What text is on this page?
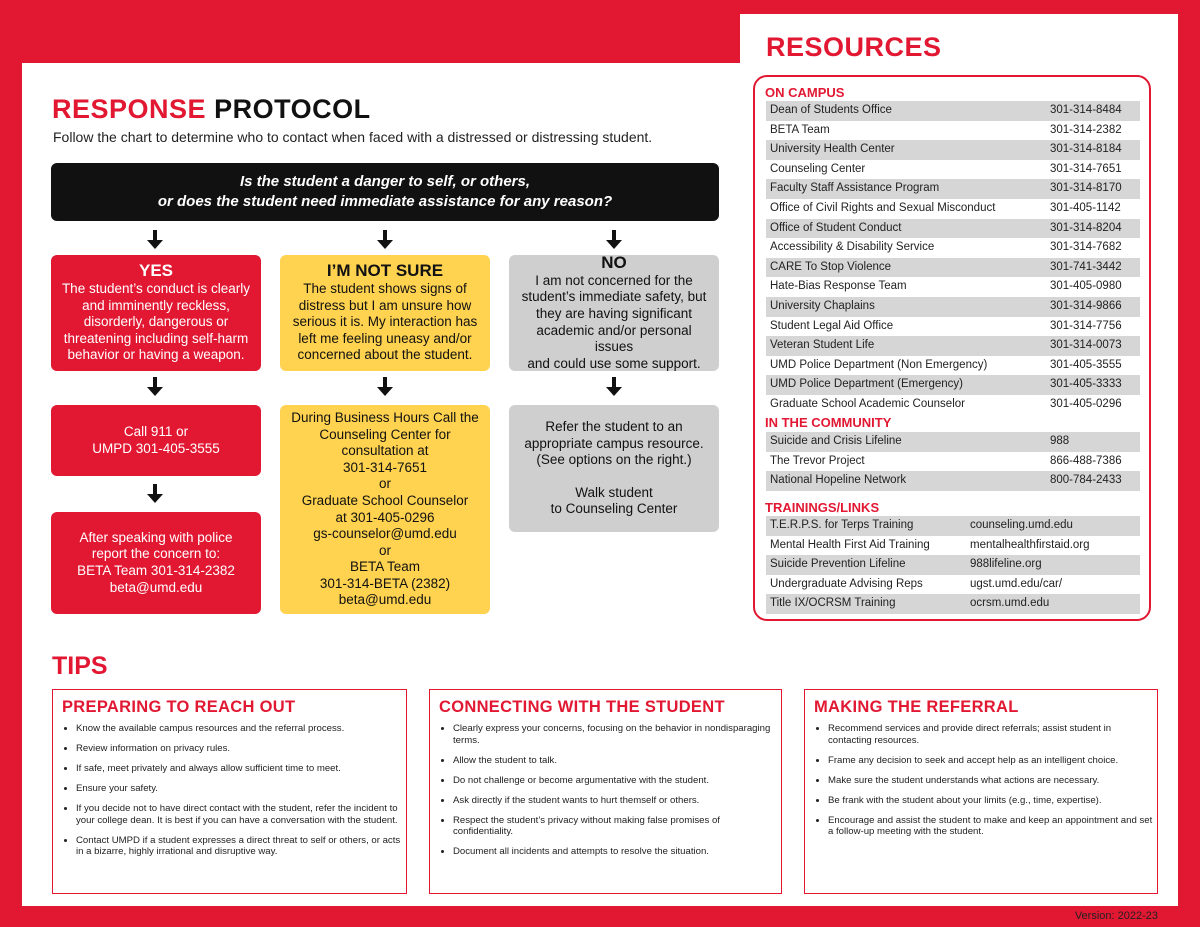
RESOURCES
RESPONSE PROTOCOL
Follow the chart to determine who to contact when faced with a distressed or distressing student.
Is the student a danger to self, or others,
or does the student need immediate assistance for any reason?
YES
The student’s conduct is clearly
and imminently reckless,
disorderly, dangerous or
threatening including self-harm
behavior or having a weapon.
I’M NOT SURE
The student shows signs of
distress but I am unsure how
serious it is. My interaction has
left me feeling uneasy and/or
concerned about the student.
NO
I am not concerned for the
student’s immediate safety, but
they are having significant
academic and/or personal issues
and could use some support.
Call 911 or
UMPD 301-405-3555
After speaking with police
report the concern to:
BETA Team 301-314-2382
beta@umd.edu
During Business Hours Call the
Counseling Center for
consultation at
301-314-7651
or
Graduate School Counselor
at 301-405-0296
gs-counselor@umd.edu
or
BETA Team
301-314-BETA (2382)
beta@umd.edu
Refer the student to an
appropriate campus resource.
(See options on the right.)
Walk student
to Counseling Center
ON CAMPUS
Dean of Students Office	301-314-8484
BETA Team	301-314-2382
University Health Center	301-314-8184
Counseling Center	301-314-7651
Faculty Staff Assistance Program	301-314-8170
Office of Civil Rights and Sexual Misconduct	301-405-1142
Office of Student Conduct	301-314-8204
Accessibility & Disability Service	301-314-7682
CARE To Stop Violence	301-741-3442
Hate-Bias Response Team	301-405-0980
University Chaplains	301-314-9866
Student Legal Aid Office	301-314-7756
Veteran Student Life	301-314-0073
UMD Police Department (Non Emergency)	301-405-3555
UMD Police Department (Emergency)	301-405-3333
Graduate School Academic Counselor	301-405-0296
IN THE COMMUNITY
Suicide and Crisis Lifeline	988
The Trevor Project	866-488-7386
National Hopeline Network	800-784-2433
TRAININGS/LINKS
T.E.R.P.S. for Terps Training	counseling.umd.edu
Mental Health First Aid Training	mentalhealthfirstaid.org
Suicide Prevention Lifeline	988lifeline.org
Undergraduate Advising Reps	ugst.umd.edu/car/
Title IX/OCRSM Training	ocrsm.umd.edu
TIPS
PREPARING TO REACH OUT
• Know the available campus resources and the referral process.
• Review information on privacy rules.
• If safe, meet privately and always allow sufficient time to meet.
• Ensure your safety.
• If you decide not to have direct contact with the student, refer the incident to your college dean. It is best if you can have a conversation with the student.
• Contact UMPD if a student expresses a direct threat to self or others, or acts in a bizarre, highly irrational and disruptive way.
CONNECTING WITH THE STUDENT
• Clearly express your concerns, focusing on the behavior in nondisparaging terms.
• Allow the student to talk.
• Do not challenge or become argumentative with the student.
• Ask directly if the student wants to hurt themself or others.
• Respect the student’s privacy without making false promises of confidentiality.
• Document all incidents and attempts to resolve the situation.
MAKING THE REFERRAL
• Recommend services and provide direct referrals; assist student in contacting resources.
• Frame any decision to seek and accept help as an intelligent choice.
• Make sure the student understands what actions are necessary.
• Be frank with the student about your limits (e.g., time, expertise).
• Encourage and assist the student to make and keep an appointment and set a follow-up meeting with the student.
Version: 2022-23
